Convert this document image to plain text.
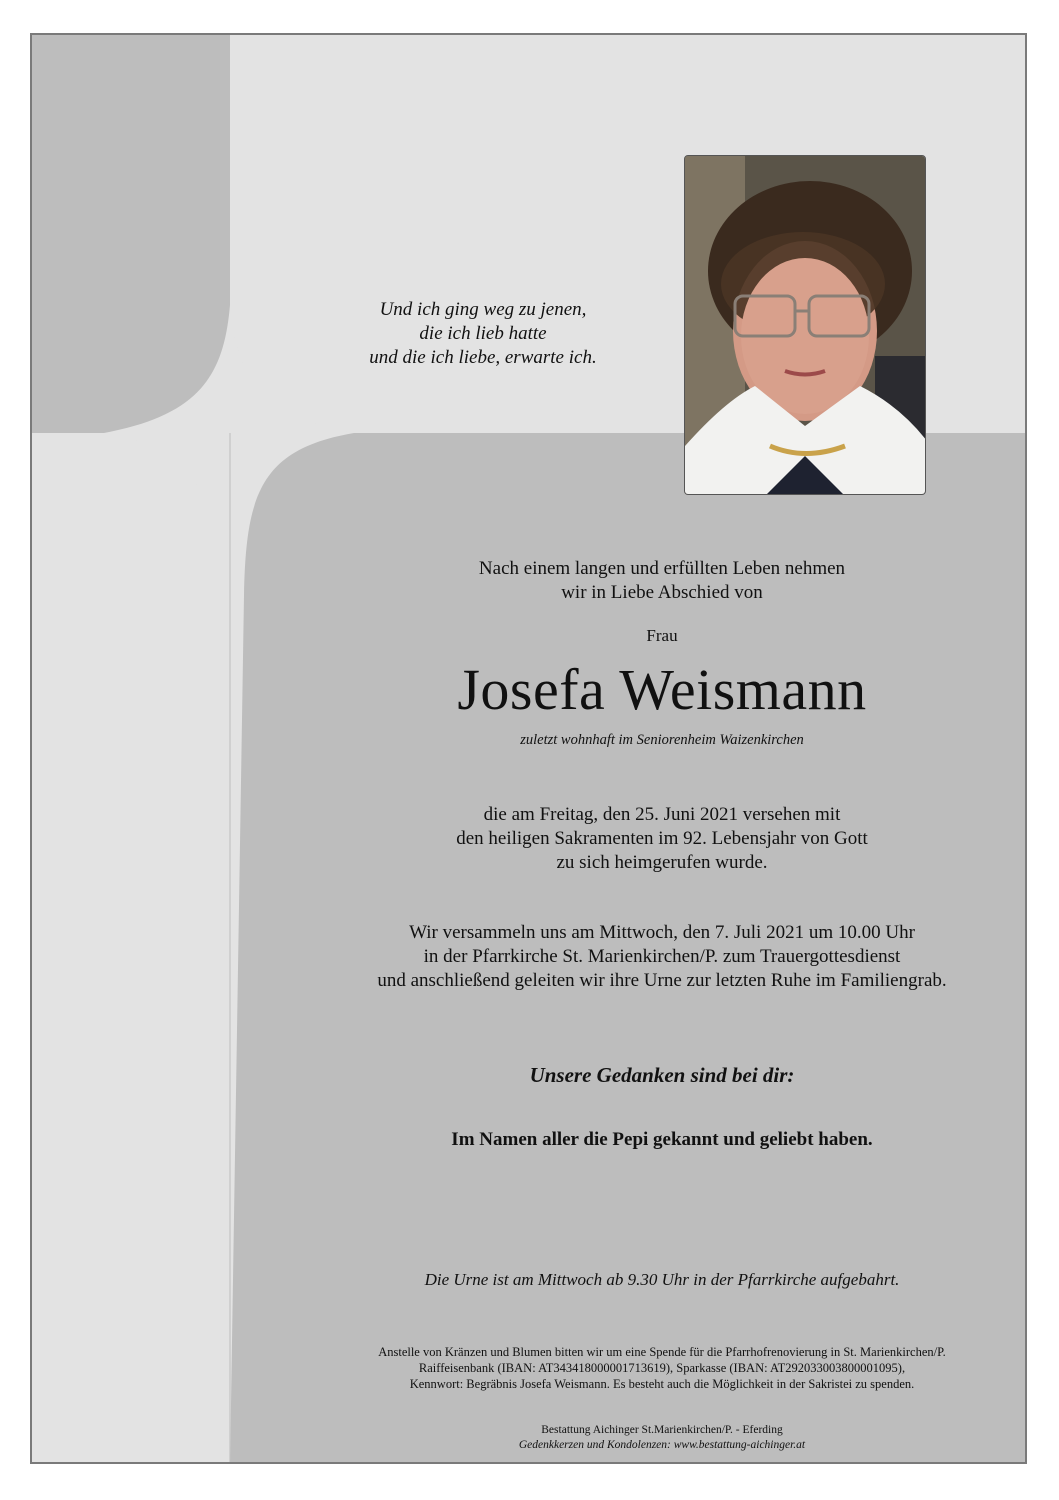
Und ich ging weg zu jenen,
die ich lieb hatte
und die ich liebe, erwarte ich.
Nach einem langen und erfüllten Leben nehmen
wir in Liebe Abschied von
Frau
Josefa Weismann
zuletzt wohnhaft im Seniorenheim Waizenkirchen
die am Freitag, den 25. Juni 2021 versehen mit
den heiligen Sakramenten im 92. Lebensjahr von Gott
zu sich heimgerufen wurde.
Wir versammeln uns am Mittwoch, den 7. Juli 2021 um 10.00 Uhr
in der Pfarrkirche St. Marienkirchen/P. zum Trauergottesdienst
und anschließend geleiten wir ihre Urne zur letzten Ruhe im Familiengrab.
Unsere Gedanken sind bei dir:
Im Namen aller die Pepi gekannt und geliebt haben.
Die Urne ist am Mittwoch ab 9.30 Uhr in der Pfarrkirche aufgebahrt.
Anstelle von Kränzen und Blumen bitten wir um eine Spende für die Pfarrhofrenovierung in St. Marienkirchen/P.
Raiffeisenbank (IBAN: AT343418000001713619), Sparkasse (IBAN: AT292033003800001095),
Kennwort: Begräbnis Josefa Weismann. Es besteht auch die Möglichkeit in der Sakristei zu spenden.
Bestattung Aichinger St.Marienkirchen/P. - Eferding
Gedenkkerzen und Kondolenzen: www.bestattung-aichinger.at
